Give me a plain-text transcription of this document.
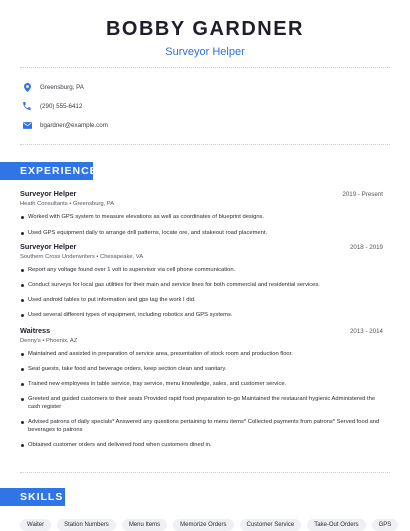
BOBBY GARDNER
Surveyor Helper
Greensburg, PA
(290) 555-6412
bgardner@example.com
EXPERIENCE
Surveyor Helper	2019 - Present
Heath Consultants • Greensburg, PA
Worked with GPS system to measure elevations as well as coordinates of blueprint designs.
Used GPS equipment daily to arrange drill patterns, locate ore, and stakeout road placement.
Surveyor Helper	2018 - 2019
Southern Cross Underwriters • Chesapeake, VA
Report any voltage found over 1 volt to supervisor via cell phone communication.
Conduct surveys for local gas utilities for their main and service lines for both commercial and residential services.
Used android tables to put information and gps tag the work I did.
Used several different types of equipment, including robotics and GPS systems.
Waitress	2013 - 2014
Denny's • Phoenix, AZ
Maintained and assisted in preparation of service area, presentation of stock room and production floor.
Seat guests, take food and beverage orders, keep section clean and sanitary.
Trained new employees in table service, tray service, menu knowledge, sales, and customer service.
Greeted and guided customers to their seats Provided rapid food preparation to-go Maintained the restaurant hygienic Administered the cash register
Advised patrons of daily specials* Answered any questions pertaining to menu items* Collected payments from patrons* Served food and beverages to patrons
Obtained customer orders and delivered food when customers dined in.
SKILLS
Waiter	Station Numbers	Menu Items	Memorize Orders	Customer Service	Take-Out Orders	GPS
